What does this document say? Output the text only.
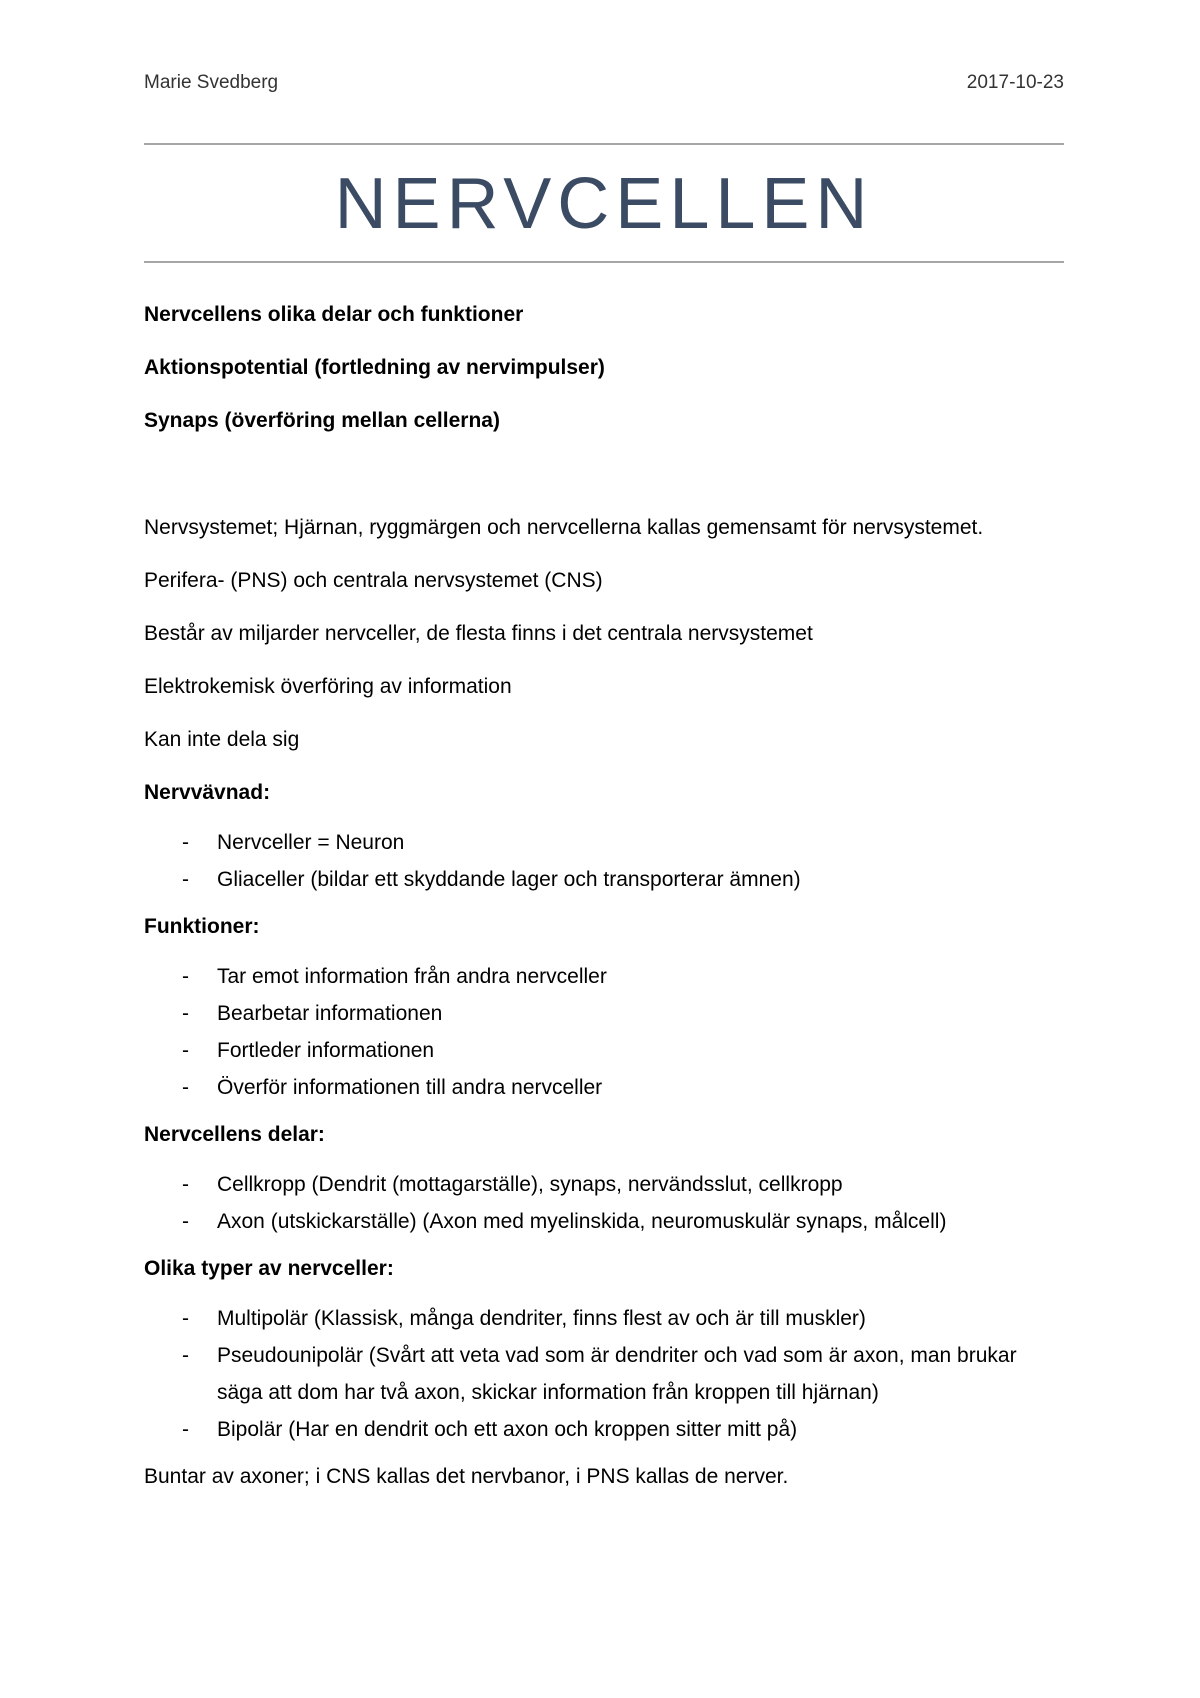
Marie Svedberg	2017-10-23
NERVCELLEN

Nervcellens olika delar och funktioner

Aktionspotential (fortledning av nervimpulser)

Synaps (överföring mellan cellerna)

Nervsystemet; Hjärnan, ryggmärgen och nervcellerna kallas gemensamt för nervsystemet.

Perifera- (PNS) och centrala nervsystemet (CNS)

Består av miljarder nervceller, de flesta finns i det centrala nervsystemet

Elektrokemisk överföring av information

Kan inte dela sig

Nervvävnad:

- Nervceller = Neuron
- Gliaceller (bildar ett skyddande lager och transporterar ämnen)

Funktioner:

- Tar emot information från andra nervceller
- Bearbetar informationen
- Fortleder informationen
- Överför informationen till andra nervceller

Nervcellens delar:

- Cellkropp (Dendrit (mottagarställe), synaps, nervändsslut, cellkropp
- Axon (utskickarställe) (Axon med myelinskida, neuromuskulär synaps, målcell)

Olika typer av nervceller:

- Multipolär (Klassisk, många dendriter, finns flest av och är till muskler)
- Pseudounipolär (Svårt att veta vad som är dendriter och vad som är axon, man brukar säga att dom har två axon, skickar information från kroppen till hjärnan)
- Bipolär (Har en dendrit och ett axon och kroppen sitter mitt på)

Buntar av axoner; i CNS kallas det nervbanor, i PNS kallas de nerver.
